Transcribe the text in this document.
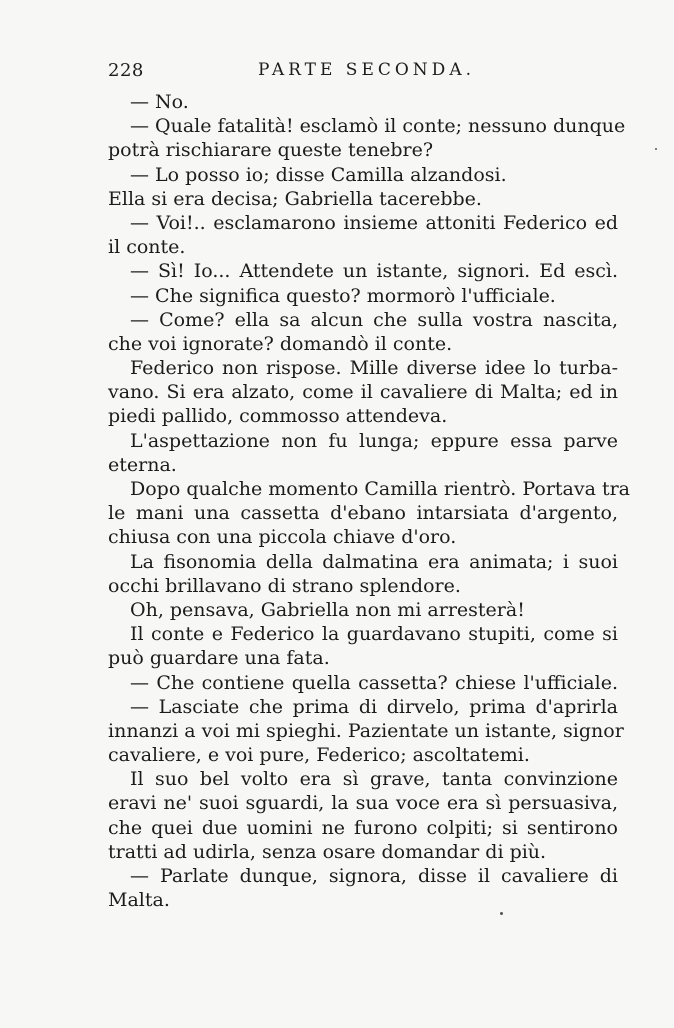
228	PARTE SECONDA.
— No.
— Quale fatalità! esclamò il conte; nessuno dunque
potrà rischiarare queste tenebre?
— Lo posso io; disse Camilla alzandosi.
Ella si era decisa; Gabriella tacerebbe.
— Voi!.. esclamarono insieme attoniti Federico ed
il conte.
— Sì! Io... Attendete un istante, signori. Ed escì.
— Che significa questo? mormorò l'ufficiale.
— Come? ella sa alcun che sulla vostra nascita,
che voi ignorate? domandò il conte.
Federico non rispose. Mille diverse idee lo turba-
vano. Si era alzato, come il cavaliere di Malta; ed in
piedi pallido, commosso attendeva.
L'aspettazione non fu lunga; eppure essa parve
eterna.
Dopo qualche momento Camilla rientrò. Portava tra
le mani una cassetta d'ebano intarsiata d'argento,
chiusa con una piccola chiave d'oro.
La fisonomia della dalmatina era animata; i suoi
occhi brillavano di strano splendore.
Oh, pensava, Gabriella non mi arresterà!
Il conte e Federico la guardavano stupiti, come si
può guardare una fata.
— Che contiene quella cassetta? chiese l'ufficiale.
— Lasciate che prima di dirvelo, prima d'aprirla
innanzi a voi mi spieghi. Pazientate un istante, signor
cavaliere, e voi pure, Federico; ascoltatemi.
Il suo bel volto era sì grave, tanta convinzione
eravi ne' suoi sguardi, la sua voce era sì persuasiva,
che quei due uomini ne furono colpiti; si sentirono
tratti ad udirla, senza osare domandar di più.
— Parlate dunque, signora, disse il cavaliere di
Malta.
